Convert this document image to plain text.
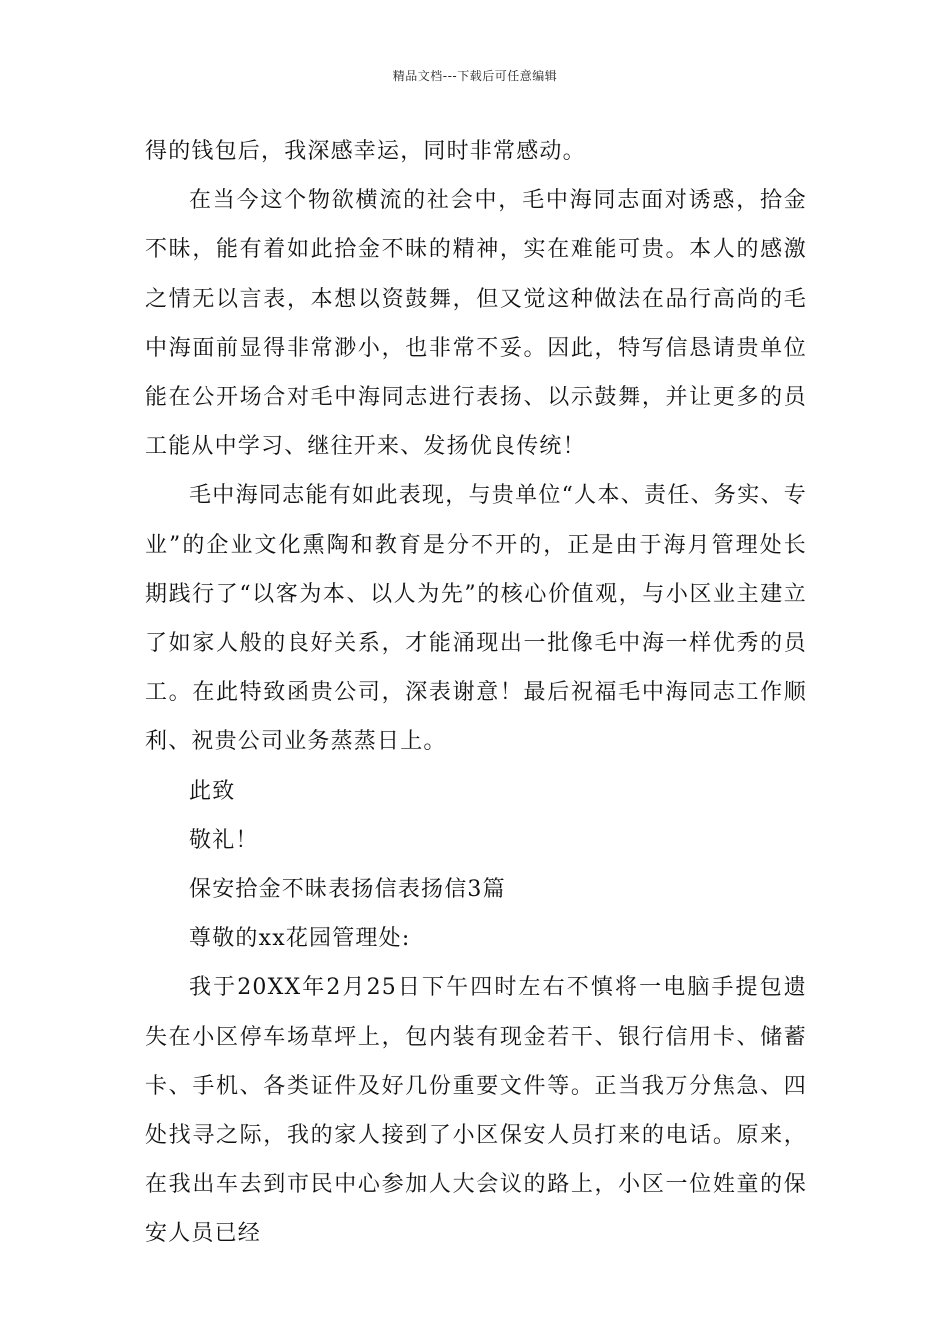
精品文档---下载后可任意编辑

得的钱包后，我深感幸运，同时非常感动。

在当今这个物欲横流的社会中，毛中海同志面对诱惑，拾金不昧，能有着如此拾金不昧的精神，实在难能可贵。本人的感激之情无以言表，本想以资鼓舞，但又觉这种做法在品行高尚的毛中海面前显得非常渺小，也非常不妥。因此，特写信恳请贵单位能在公开场合对毛中海同志进行表扬、以示鼓舞，并让更多的员工能从中学习、继往开来、发扬优良传统！

毛中海同志能有如此表现，与贵单位“人本、责任、务实、专业”的企业文化熏陶和教育是分不开的，正是由于海月管理处长期践行了“以客为本、以人为先”的核心价值观，与小区业主建立了如家人般的良好关系，才能涌现出一批像毛中海一样优秀的员工。在此特致函贵公司，深表谢意！最后祝福毛中海同志工作顺利、祝贵公司业务蒸蒸日上。

此致

敬礼！

保安拾金不昧表扬信表扬信3篇

尊敬的xx花园管理处:

我于20XX年2月25日下午四时左右不慎将一电脑手提包遗失在小区停车场草坪上，包内装有现金若干、银行信用卡、储蓄卡、手机、各类证件及好几份重要文件等。正当我万分焦急、四处找寻之际，我的家人接到了小区保安人员打来的电话。原来，在我出车去到市民中心参加人大会议的路上，小区一位姓童的保安人员已经
